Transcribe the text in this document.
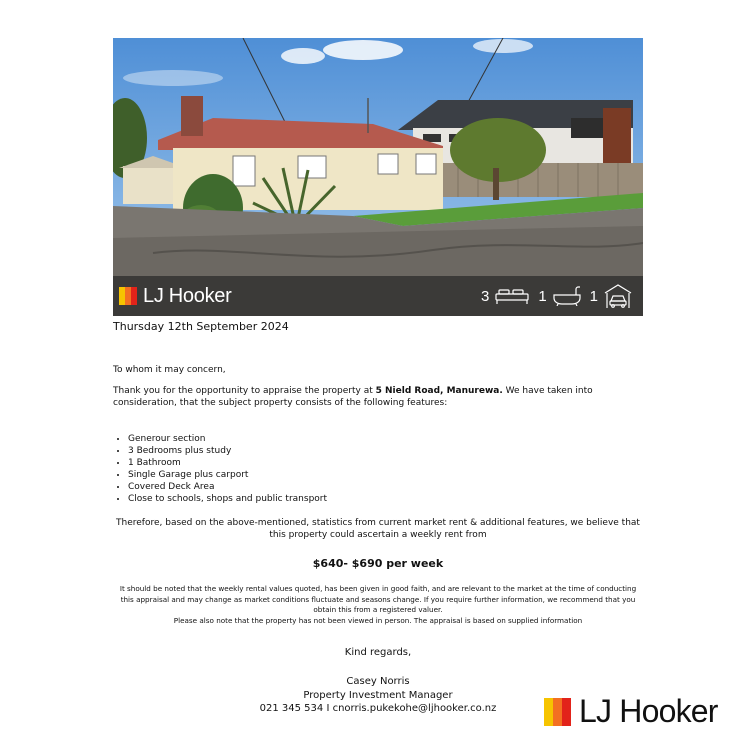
LJ Hooker	3	1	1
Thursday 12th September 2024
To whom it may concern,
Thank you for the opportunity to appraise the property at 5 Nield Road, Manurewa. We have taken into consideration, that the subject property consists of the following features:
• Generour section
• 3 Bedrooms plus study
• 1 Bathroom
• Single Garage plus carport
• Covered Deck Area
• Close to schools, shops and public transport
Therefore, based on the above-mentioned, statistics from current market rent & additional features, we believe that this property could ascertain a weekly rent from
$640- $690 per week
It should be noted that the weekly rental values quoted, has been given in good faith, and are relevant to the market at the time of conducting this appraisal and may change as market conditions fluctuate and seasons change. If you require further information, we recommend that you obtain this from a registered valuer.
Please also note that the property has not been viewed in person. The appraisal is based on supplied information
Kind regards,
Casey Norris
Property Investment Manager
021 345 534 I cnorris.pukekohe@ljhooker.co.nz	LJ Hooker
